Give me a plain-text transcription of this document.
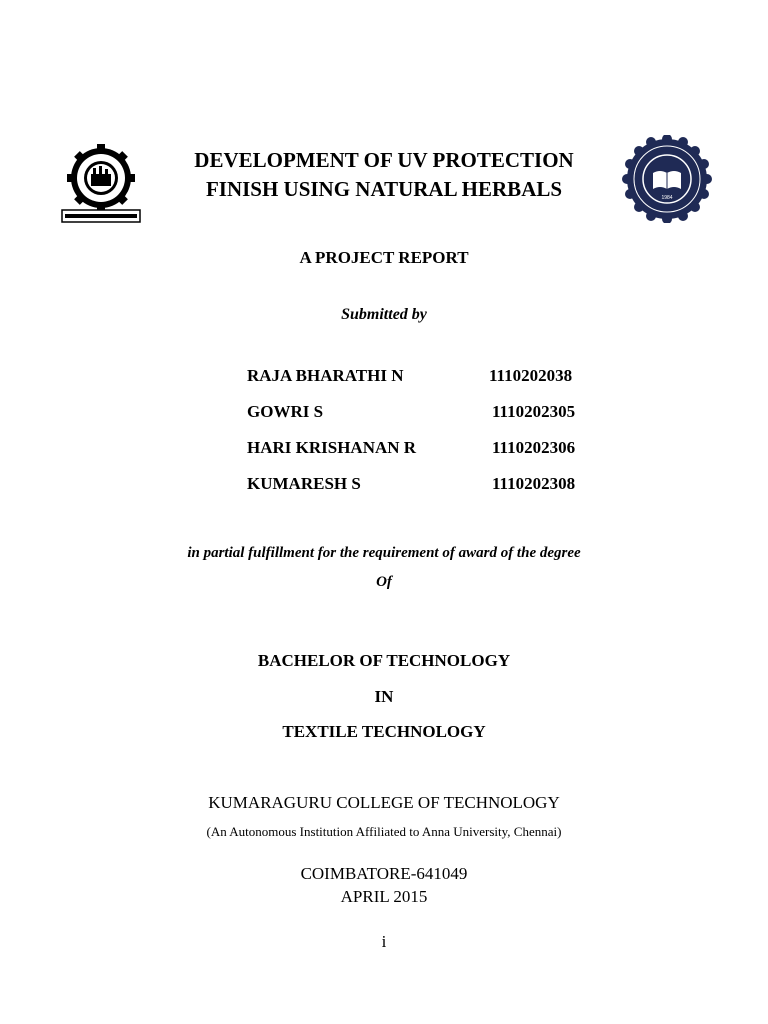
1984
DEVELOPMENT OF UV PROTECTION
FINISH USING NATURAL HERBALS
A PROJECT REPORT
Submitted by
RAJA BHARATHI N	1110202038
GOWRI S	1110202305
HARI KRISHANAN R	1110202306
KUMARESH S	1110202308
in partial fulfillment for the requirement of award of the degree
Of
BACHELOR OF TECHNOLOGY
IN
TEXTILE TECHNOLOGY
KUMARAGURU COLLEGE OF TECHNOLOGY
(An Autonomous Institution Affiliated to Anna University, Chennai)
COIMBATORE-641049
APRIL 2015
i
